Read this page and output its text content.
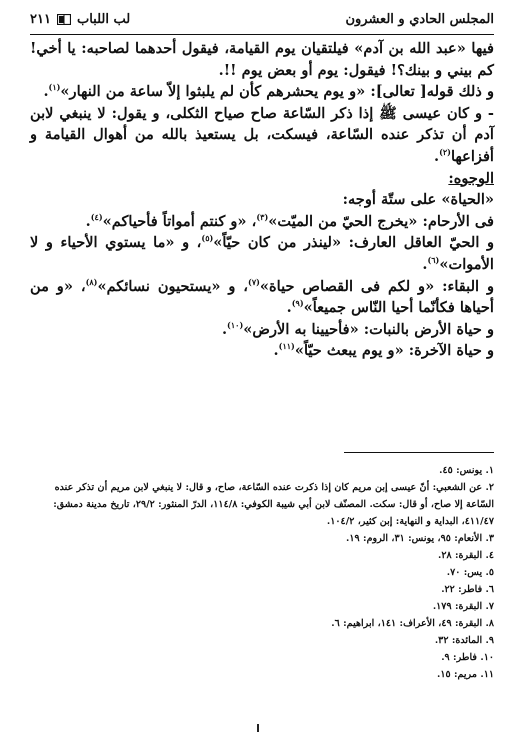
المجلس الحادي و العشرون
لب اللباب
٢١١

فيها «عبد الله بن آدم» فيلتقيان يوم القيامة، فيقول أحدهما لصاحبه: يا أخي! كم بيني و بينك؟! فيقول: يوم أو بعض يوم !!.

و ذلك قوله[ تعالى]: «و يوم يحشرهم كأن لم يلبثوا إلاّ ساعة من النهار»$^{(١)}$.

- و كان عيسى ﷺ إذا ذكر السّاعة صاح صياح الثكلى، و يقول: لا ينبغي لابن آدم أن تذكر عنده السّاعة، فيسكت، بل يستعيذ بالله من أهوال القيامة و أفزاعها$^{(٢)}$.

الوجوه:

«الحياة» على ستّة أوجه:

فى الأرحام: «يخرج الحيّ من الميّت»$^{(٣)}$، «و كنتم أمواتاً فأحياكم»$^{(٤)}$.

و الحيّ العاقل العارف: «لينذر من كان حيّاً»$^{(٥)}$، و «ما يستوي الأحياء و لا الأموات»$^{(٦)}$.

و البقاء: «و لكم فى القصاص حياة»$^{(٧)}$، و «يستحيون نسائكم»$^{(٨)}$، «و من أحياها فكأنّما أحيا النّاس جميعاً»$^{(٩)}$.

و حياة الأرض بالنبات: «فأحيينا به الأرض»$^{(١٠)}$.

و حياة الآخرة: «و يوم يبعث حيّاً»$^{(١١)}$.

١. يونس: ٤٥.

٢. عن الشعبي: أنّ عيسى إبن مريم كان إذا ذكرت عنده السّاعة، صاح، و قال: لا ينبغي لابن مريم أن تذكر عنده السّاعة إلا صاح، أو قال: سكت. المصنّف لابن أبي شيبة الكوفي: ١١٤/٨، الدرّ المنثور: ٢٩/٢، تاريخ مدينة دمشق: ٤١١/٤٧، البداية و النهاية: إبن كثير، ١٠٤/٢.

٣. الأنعام: ٩٥، يونس: ٣١، الروم: ١٩.

٤. البقرة: ٢٨.

٥. يس: ٧٠.

٦. فاطر: ٢٢.

٧. البقرة: ١٧٩.

٨. البقرة: ٤٩، الأعراف: ١٤١، ابراهيم: ٦.

٩. المائدة: ٣٢.

١٠. فاطر: ٩.

١١. مريم: ١٥.
